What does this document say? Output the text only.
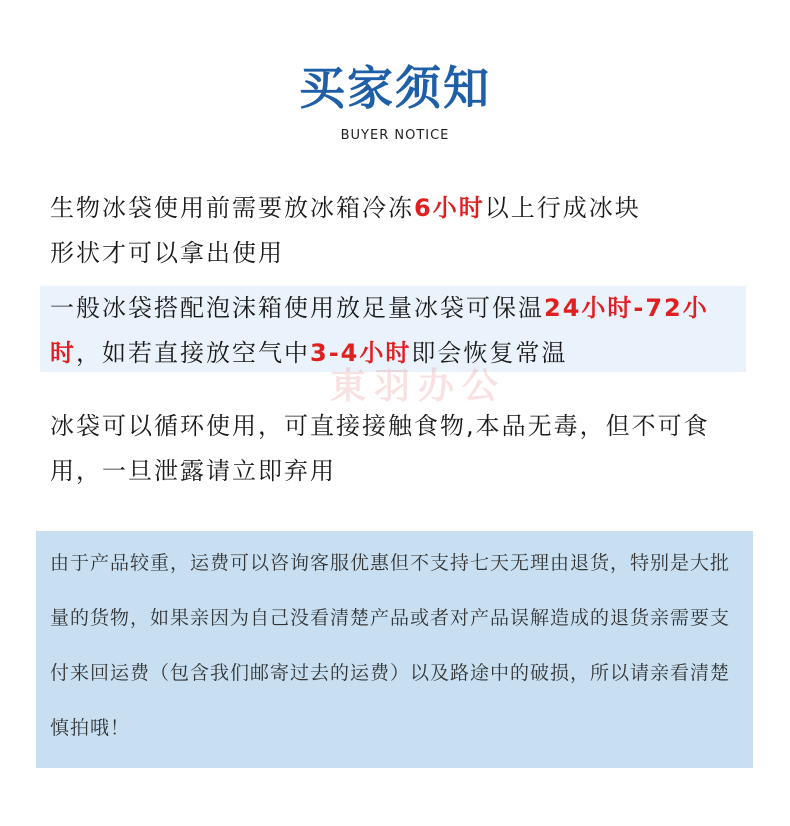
买家须知
BUYER NOTICE
生物冰袋使用前需要放冰箱冷冻6小时以上行成冰块
形状才可以拿出使用
一般冰袋搭配泡沫箱使用放足量冰袋可保温24小时-72小时，如若直接放空气中3-4小时即会恢复常温
東羽办公
冰袋可以循环使用，可直接接触食物,本品无毒，但不可食用，一旦泄露请立即弃用
由于产品较重，运费可以咨询客服优惠但不支持七天无理由退货，特别是大批量的货物，如果亲因为自己没看清楚产品或者对产品误解造成的退货亲需要支付来回运费（包含我们邮寄过去的运费）以及路途中的破损，所以请亲看清楚慎拍哦！
